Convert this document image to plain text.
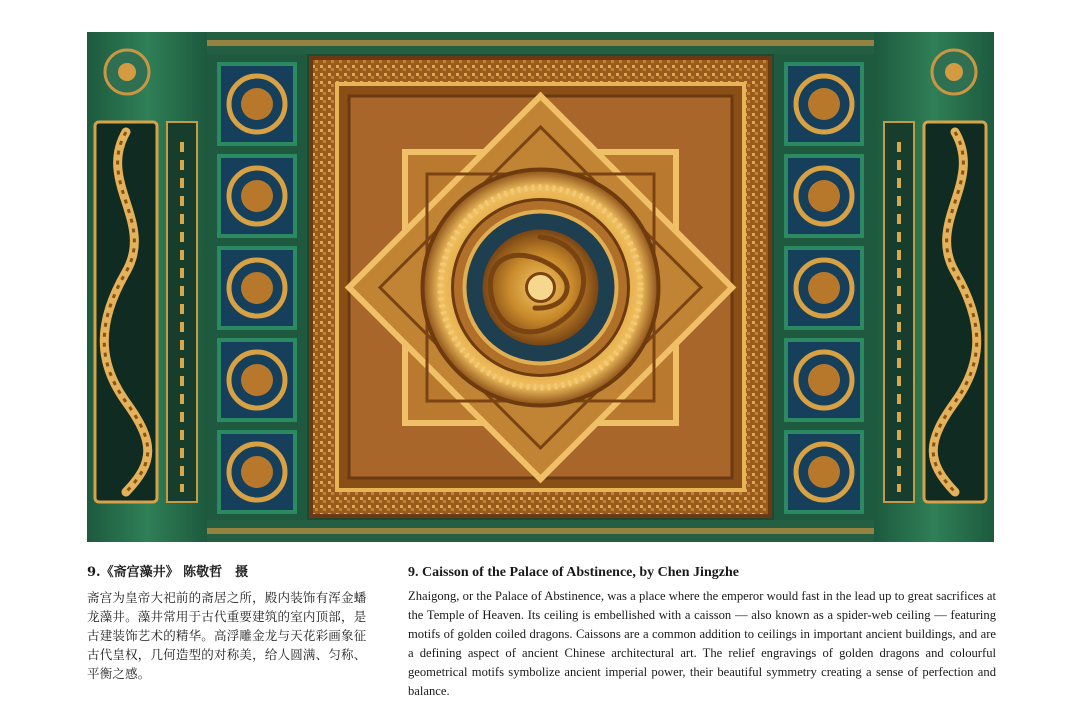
9.《斋宫藻井》 陈敬哲　摄

斋宫为皇帝大祀前的斋居之所，殿内装饰有浑金蟠龙藻井。藻井常用于古代重要建筑的室内顶部，是古建装饰艺术的精华。高浮雕金龙与天花彩画象征古代皇权，几何造型的对称美，给人圆满、匀称、平衡之感。

9. Caisson of the Palace of Abstinence, by Chen Jingzhe

Zhaigong, or the Palace of Abstinence, was a place where the emperor would fast in the lead up to great sacrifices at the Temple of Heaven. Its ceiling is embellished with a caisson — also known as a spider-web ceiling — featuring motifs of golden coiled dragons. Caissons are a common addition to ceilings in important ancient buildings, and are a defining aspect of ancient Chinese architectural art. The relief engravings of golden dragons and colourful geometrical motifs symbolize ancient imperial power, their beautiful symmetry creating a sense of perfection and balance.
